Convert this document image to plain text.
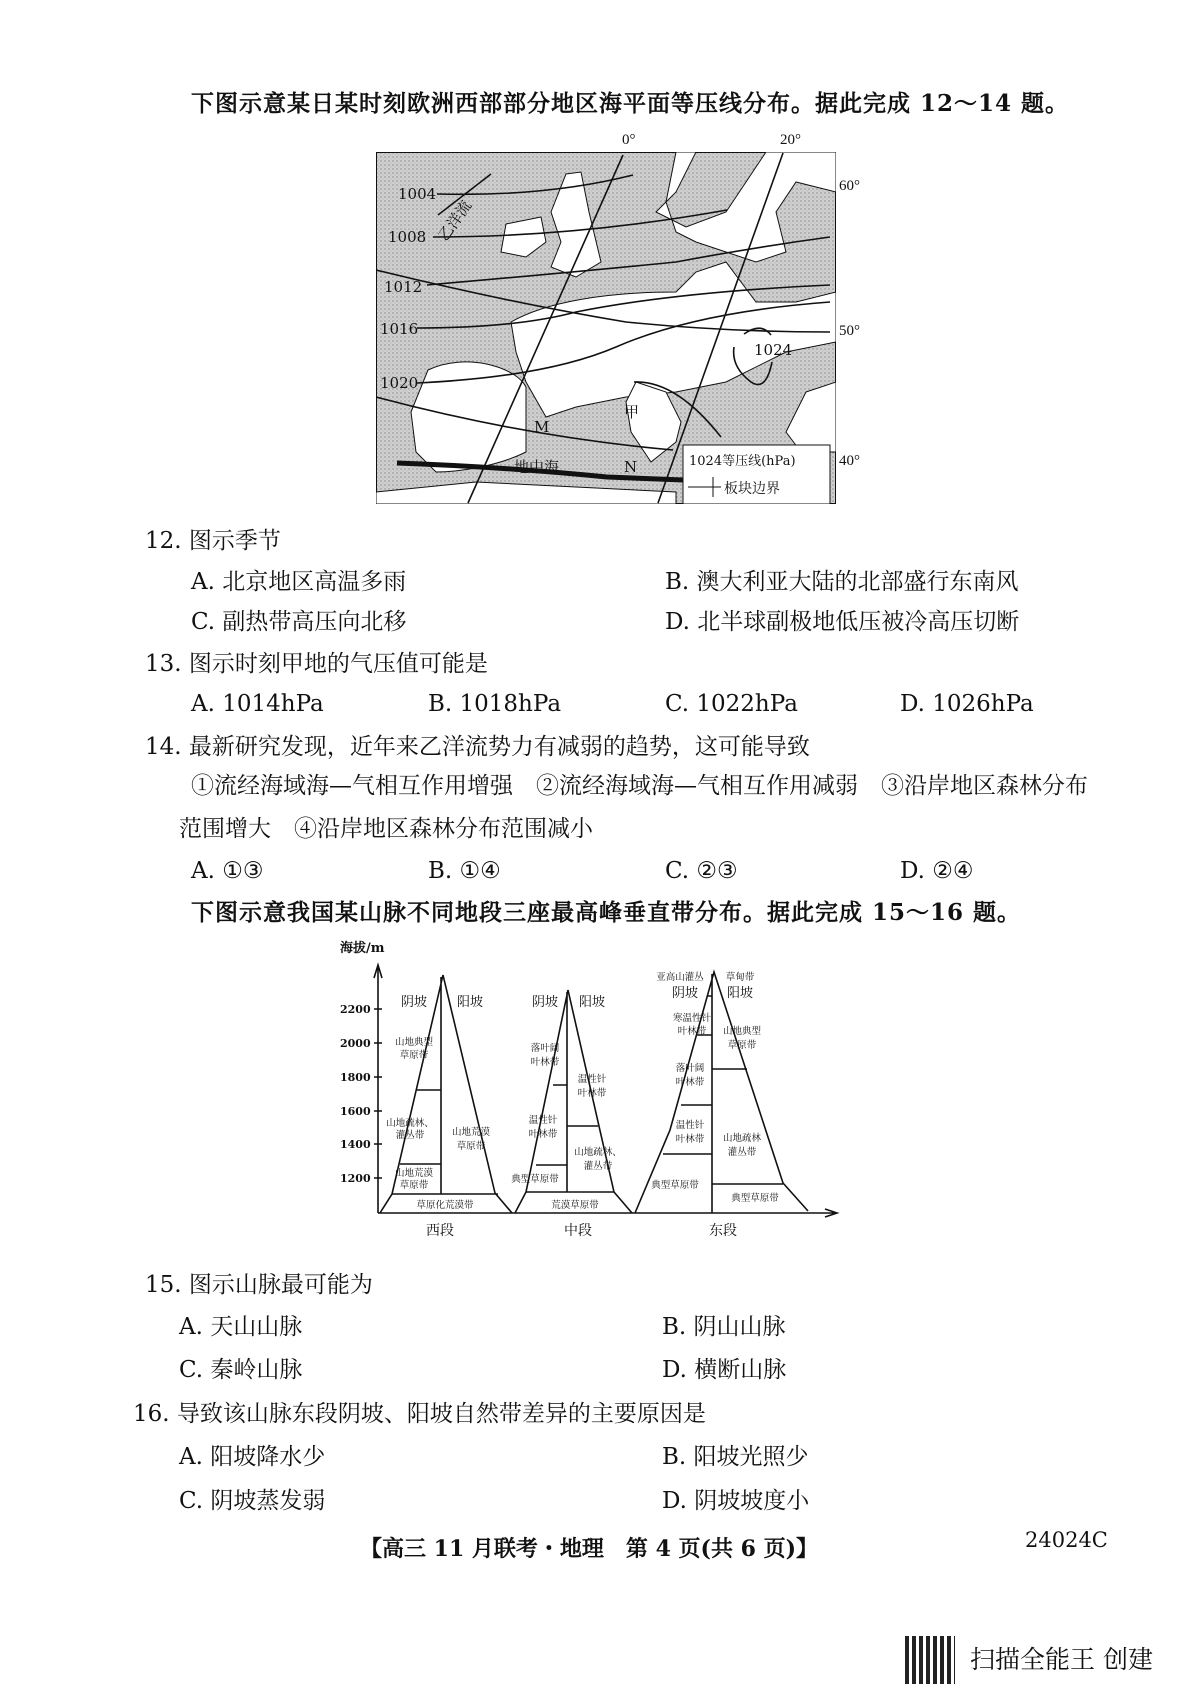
下图示意某日某时刻欧洲西部部分地区海平面等压线分布。据此完成 12～14 题。
0°	20°
60°
50°
40°
1004
1008
1012
1016
1020
1024
乙洋流
甲
M
N
地中海	1024等压线(hPa)
板块边界
12. 图示季节
A. 北京地区高温多雨	B. 澳大利亚大陆的北部盛行东南风
C. 副热带高压向北移	D. 北半球副极地低压被冷高压切断
13. 图示时刻甲地的气压值可能是
A. 1014hPa	B. 1018hPa	C. 1022hPa	D. 1026hPa
14. 最新研究发现，近年来乙洋流势力有减弱的趋势，这可能导致
①流经海域海—气相互作用增强　②流经海域海—气相互作用减弱　③沿岸地区森林分布
范围增大　④沿岸地区森林分布范围减小
A. ①③	B. ①④	C. ②③	D. ②④
下图示意我国某山脉不同地段三座最高峰垂直带分布。据此完成 15～16 题。
海拔/m
2200
2000
1800
1600
1400
1200
阴坡 阳坡	阴坡 阳坡
阴坡 阳坡
西段	中段	东段
山地典型
草原带
山地疏林、
灌丛带
山地荒漠
草原带
山地荒漠
草原带
草原化荒漠带
落叶阔
叶林带
温性针
叶林带
典型草原带
温性针
叶林带
山地疏林、
灌丛带
荒漠草原带
亚高山灌丛 草甸带
寒温性针
叶林带
落叶阔
叶林带
温性针
叶林带
典型草原带
山地典型
草原带
山地疏林
灌丛带
典型草原带
15. 图示山脉最可能为
A. 天山山脉	B. 阴山山脉
C. 秦岭山脉	D. 横断山脉
16. 导致该山脉东段阴坡、阳坡自然带差异的主要原因是
A. 阳坡降水少	B. 阳坡光照少
C. 阴坡蒸发弱	D. 阴坡坡度小
【高三 11 月联考・地理　第 4 页(共 6 页)】	24024C
扫描全能王 创建
